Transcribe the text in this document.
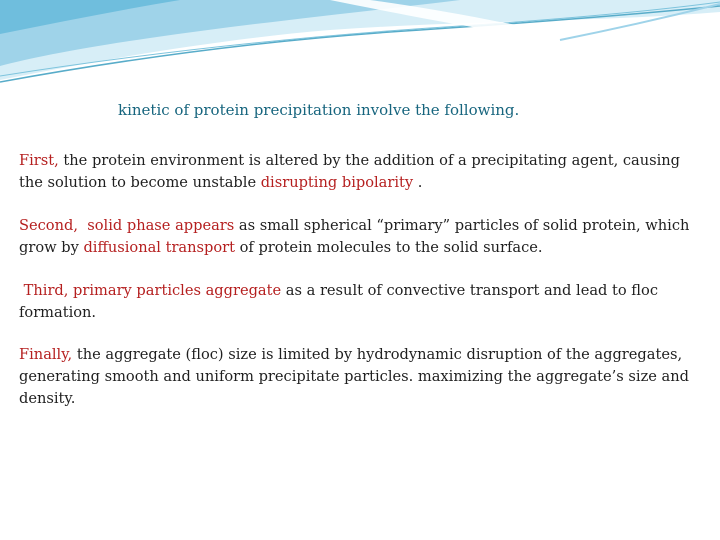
kinetic of protein precipitation involve the following.

First, the protein environment is altered by the addition of a precipitating agent, causing the solution to become unstable disrupting bipolarity .

Second, solid phase appears as small spherical “primary” particles of solid protein, which grow by diffusional transport of protein molecules to the solid surface.

Third, primary particles aggregate as a result of convective transport and lead to floc formation.

Finally, the aggregate (floc) size is limited by hydrodynamic disruption of the aggregates, generating smooth and uniform precipitate particles. maximizing the aggregate’s size and density.
